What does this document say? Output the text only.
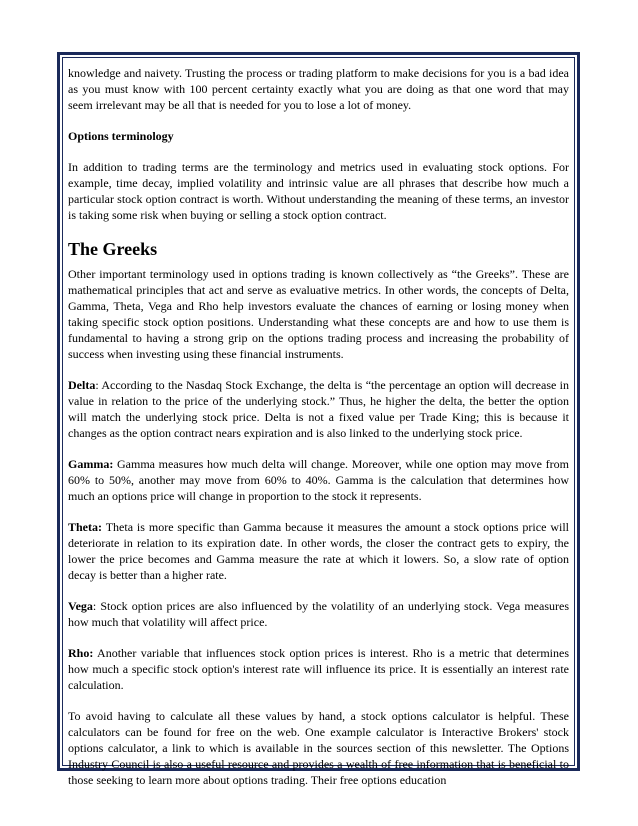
knowledge and naivety. Trusting the process or trading platform to make decisions for you is a bad idea as you must know with 100 percent certainty exactly what you are doing as that one word that may seem irrelevant may be all that is needed for you to lose a lot of money.

Options terminology

In addition to trading terms are the terminology and metrics used in evaluating stock options. For example, time decay, implied volatility and intrinsic value are all phrases that describe how much a particular stock option contract is worth. Without understanding the meaning of these terms, an investor is taking some risk when buying or selling a stock option contract.

The Greeks

Other important terminology used in options trading is known collectively as “the Greeks”. These are mathematical principles that act and serve as evaluative metrics. In other words, the concepts of Delta, Gamma, Theta, Vega and Rho help investors evaluate the chances of earning or losing money when taking specific stock option positions. Understanding what these concepts are and how to use them is fundamental to having a strong grip on the options trading process and increasing the probability of success when investing using these financial instruments.

Delta: According to the Nasdaq Stock Exchange, the delta is “the percentage an option will decrease in value in relation to the price of the underlying stock.” Thus, he higher the delta, the better the option will match the underlying stock price. Delta is not a fixed value per Trade King; this is because it changes as the option contract nears expiration and is also linked to the underlying stock price.

Gamma: Gamma measures how much delta will change. Moreover, while one option may move from 60% to 50%, another may move from 60% to 40%. Gamma is the calculation that determines how much an options price will change in proportion to the stock it represents.

Theta: Theta is more specific than Gamma because it measures the amount a stock options price will deteriorate in relation to its expiration date. In other words, the closer the contract gets to expiry, the lower the price becomes and Gamma measure the rate at which it lowers. So, a slow rate of option decay is better than a higher rate.

Vega: Stock option prices are also influenced by the volatility of an underlying stock. Vega measures how much that volatility will affect price.

Rho: Another variable that influences stock option prices is interest. Rho is a metric that determines how much a specific stock option's interest rate will influence its price. It is essentially an interest rate calculation.

To avoid having to calculate all these values by hand, a stock options calculator is helpful. These calculators can be found for free on the web. One example calculator is Interactive Brokers' stock options calculator, a link to which is available in the sources section of this newsletter. The Options Industry Council is also a useful resource and provides a wealth of free information that is beneficial to those seeking to learn more about options trading. Their free options education
